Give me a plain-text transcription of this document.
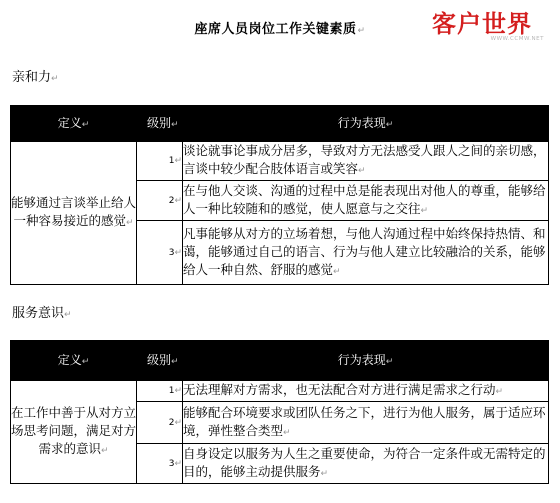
座席人员岗位工作关键素质↵	客户世界
WWW.CCMW.NET
亲和力↵
定义↵	级别↵	行为表现↵
能够通过言谈举止给人一种容易接近的感觉↵	1↵	谈论就事论事成分居多，导致对方无法感受人跟人之间的亲切感，言谈中较少配合肢体语言或笑容↵
	2↵	在与他人交谈、沟通的过程中总是能表现出对他人的尊重，能够给人一种比较随和的感觉，使人愿意与之交往↵
	3↵	凡事能够从对方的立场着想，与他人沟通过程中始终保持热情、和蔼，能够通过自己的语言、行为与他人建立比较融洽的关系，能够给人一种自然、舒服的感觉↵
服务意识↵
定义↵	级别↵	行为表现↵
在工作中善于从对方立场思考问题，满足对方需求的意识↵	1↵	无法理解对方需求，也无法配合对方进行满足需求之行动↵
	2↵	能够配合环境要求或团队任务之下，进行为他人服务，属于适应环境，弹性整合类型↵
	3↵	自身设定以服务为人生之重要使命，为符合一定条件或无需特定的目的，能够主动提供服务↵
